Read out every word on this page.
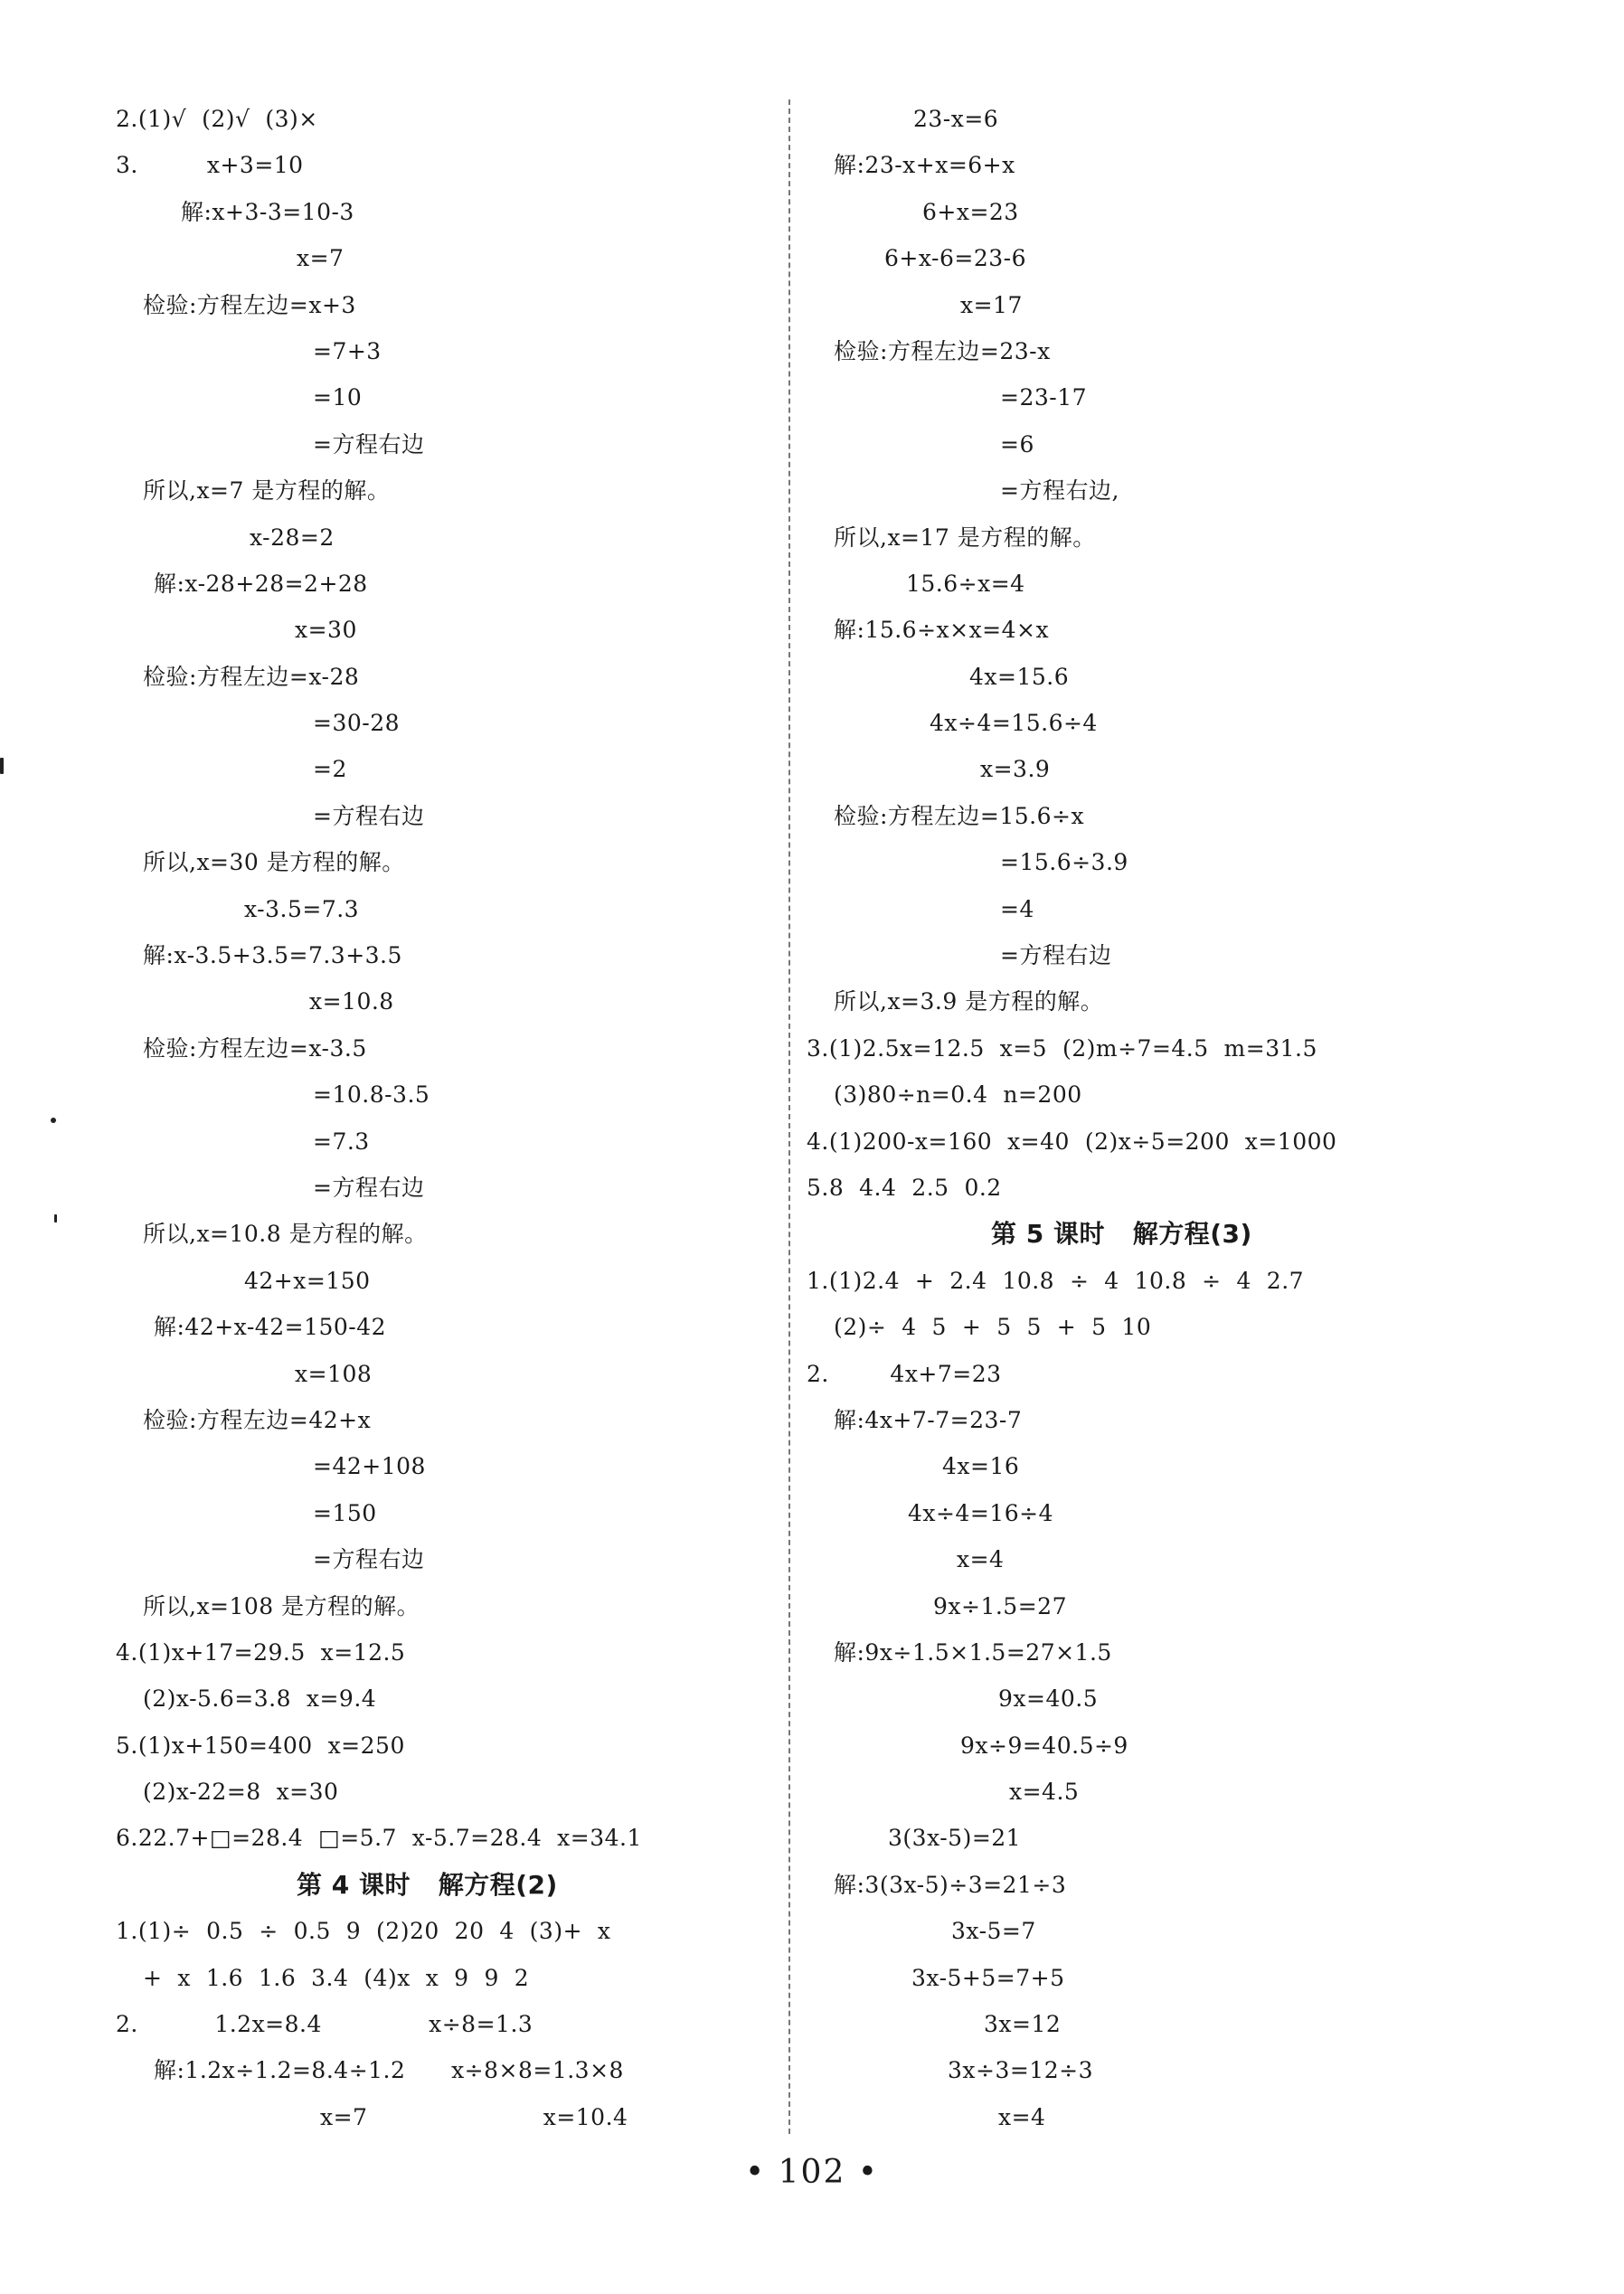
2.(1)√  (2)√  (3)×
3.         x+3=10
解:x+3-3=10-3
x=7
检验:方程左边=x+3
=7+3
=10
=方程右边
所以,x=7 是方程的解。
x-28=2
解:x-28+28=2+28
x=30
检验:方程左边=x-28
=30-28
=2
=方程右边
所以,x=30 是方程的解。
x-3.5=7.3
解:x-3.5+3.5=7.3+3.5
x=10.8
检验:方程左边=x-3.5
=10.8-3.5
=7.3
=方程右边
所以,x=10.8 是方程的解。
42+x=150
解:42+x-42=150-42
x=108
检验:方程左边=42+x
=42+108
=150
=方程右边
所以,x=108 是方程的解。
4.(1)x+17=29.5  x=12.5
(2)x-5.6=3.8  x=9.4
5.(1)x+150=400  x=250
(2)x-22=8  x=30
6.22.7+□=28.4  □=5.7  x-5.7=28.4  x=34.1
第 4 课时   解方程(2)
1.(1)÷  0.5  ÷  0.5  9  (2)20  20  4  (3)+  x
+  x  1.6  1.6  3.4  (4)x  x  9  9  2
2.          1.2x=8.4              x÷8=1.3
解:1.2x÷1.2=8.4÷1.2      x÷8×8=1.3×8
x=7                       x=10.4
23-x=6
解:23-x+x=6+x
6+x=23
6+x-6=23-6
x=17
检验:方程左边=23-x
=23-17
=6
=方程右边,
所以,x=17 是方程的解。
15.6÷x=4
解:15.6÷x×x=4×x
4x=15.6
4x÷4=15.6÷4
x=3.9
检验:方程左边=15.6÷x
=15.6÷3.9
=4
=方程右边
所以,x=3.9 是方程的解。
3.(1)2.5x=12.5  x=5  (2)m÷7=4.5  m=31.5
(3)80÷n=0.4  n=200
4.(1)200-x=160  x=40  (2)x÷5=200  x=1000
5.8  4.4  2.5  0.2
第 5 课时   解方程(3)
1.(1)2.4  +  2.4  10.8  ÷  4  10.8  ÷  4  2.7
(2)÷  4  5  +  5  5  +  5  10
2.        4x+7=23
解:4x+7-7=23-7
4x=16
4x÷4=16÷4
x=4
9x÷1.5=27
解:9x÷1.5×1.5=27×1.5
9x=40.5
9x÷9=40.5÷9
x=4.5
3(3x-5)=21
解:3(3x-5)÷3=21÷3
3x-5=7
3x-5+5=7+5
3x=12
3x÷3=12÷3
x=4
• 102 •
